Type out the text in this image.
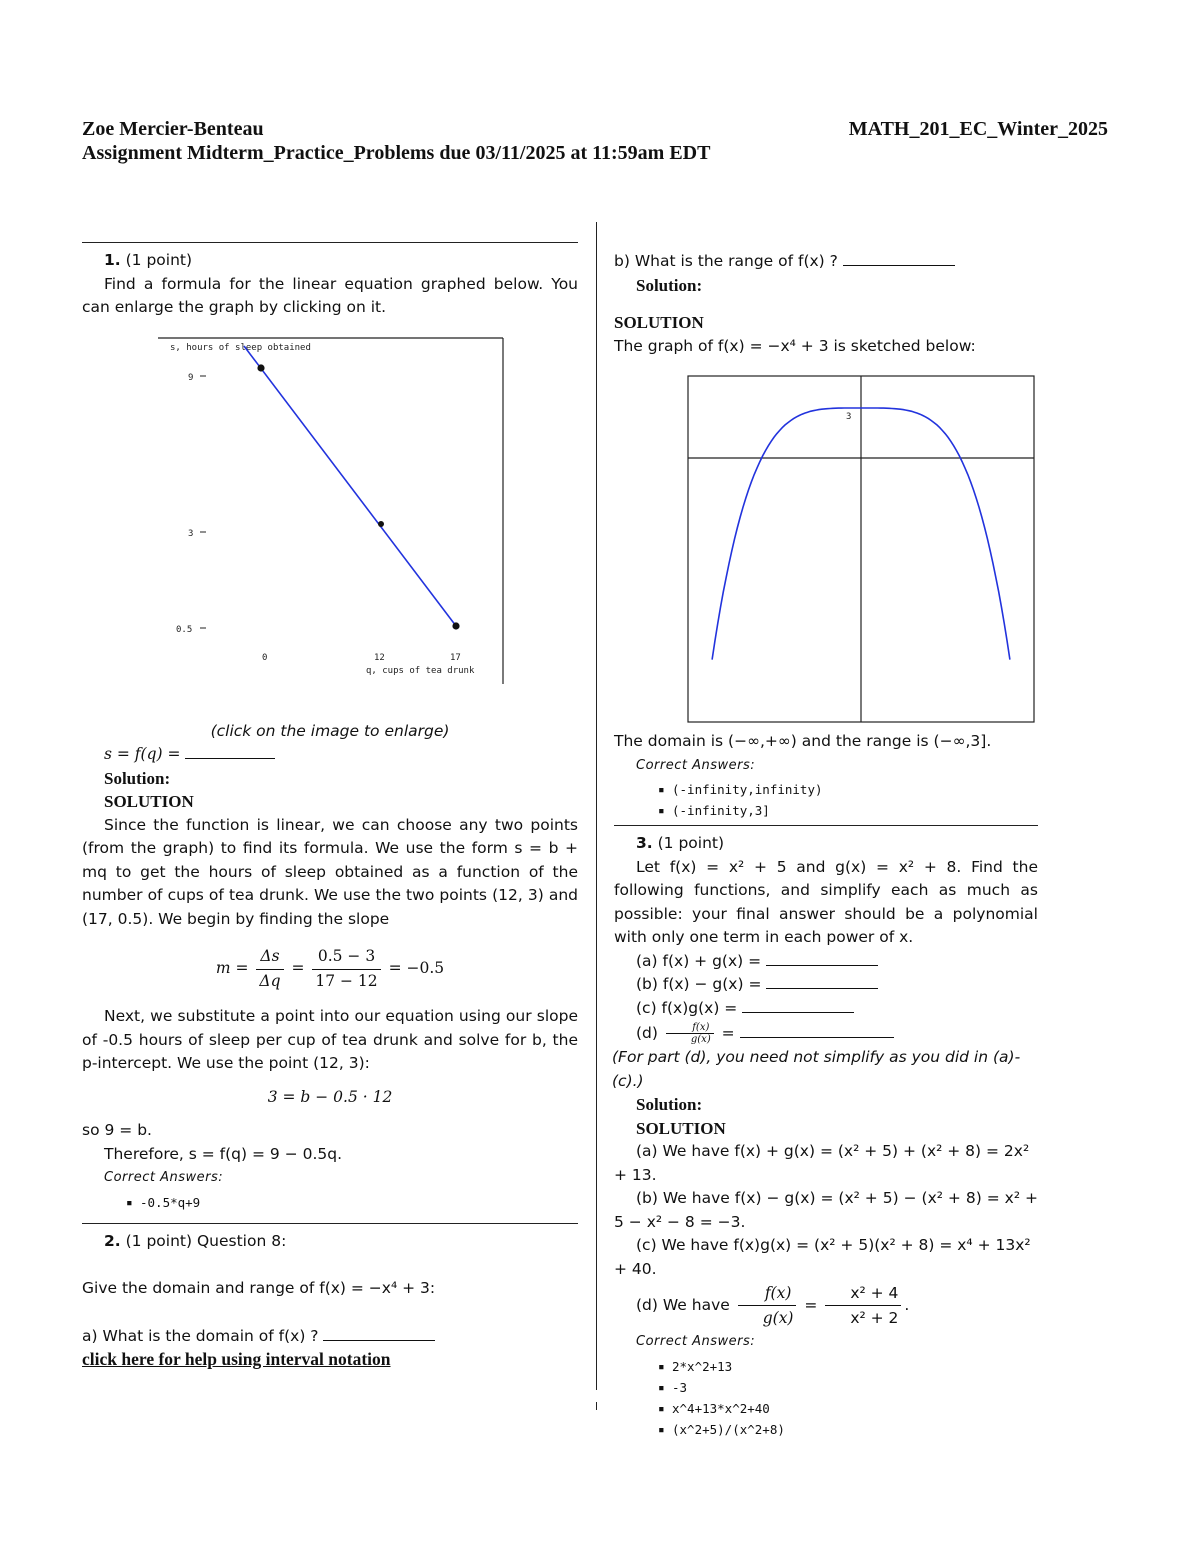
Zoe Mercier-Benteau	MATH_201_EC_Winter_2025
Assignment Midterm_Practice_Problems due 03/11/2025 at 11:59am EDT

1. (1 point)

Find a formula for the linear equation graphed below. You can enlarge the graph by clicking on it.

s, hours of sleep obtained
9
3
0.5
0	12	17
q, cups of tea drunk

(click on the image to enlarge)

s = f(q) =

Solution:

SOLUTION

Since the function is linear, we can choose any two points (from the graph) to find its formula. We use the form s = b + mq to get the hours of sleep obtained as a function of the number of cups of tea drunk. We use the two points (12, 3) and (17, 0.5). We begin by finding the slope

$m = \frac{\Delta s}{\Delta q} = \frac{0.5 - 3}{17 - 12} = -0.5$

Next, we substitute a point into our equation using our slope of -0.5 hours of sleep per cup of tea drunk and solve for b, the p-intercept. We use the point (12, 3):

3 = b − 0.5 · 12

so 9 = b.

Therefore, s = f(q) = 9 − 0.5q.

Correct Answers:

▪ -0.5*q+9

2. (1 point) Question 8:

Give the domain and range of f(x) = −x⁴ + 3:

a) What is the domain of f(x) ?

click here for help using interval notation

b) What is the range of f(x) ?

Solution:

SOLUTION

The graph of f(x) = −x⁴ + 3 is sketched below:

3

The domain is (−∞,+∞) and the range is (−∞,3].

Correct Answers:

▪ (-infinity,infinity)
▪ (-infinity,3]

3. (1 point)

Let f(x) = x² + 5 and g(x) = x² + 8. Find the following functions, and simplify each as much as possible: your final answer should be a polynomial with only one term in each power of x.

(a) f(x) + g(x) =

(b) f(x) − g(x) =

(c) f(x)g(x) =

$(d) \frac{f(x)}{g(x)}$ =

(For part (d), you need not simplify as you did in (a)-(c).)

Solution:

SOLUTION

(a) We have f(x) + g(x) = (x² + 5) + (x² + 8) = 2x² + 13.

(b) We have f(x) − g(x) = (x² + 5) − (x² + 8) = x² + 5 − x² − 8 = −3.

(c) We have f(x)g(x) = (x² + 5)(x² + 8) = x⁴ + 13x² + 40.

(d) We have $\frac{f(x)}{g(x)} = \frac{\text{x² + 4}}{\text{x² + 2}}$ .

Correct Answers:

▪ 2*x^2+13
▪ -3
▪ x^4+13*x^2+40
▪ (x^2+5)/(x^2+8)
